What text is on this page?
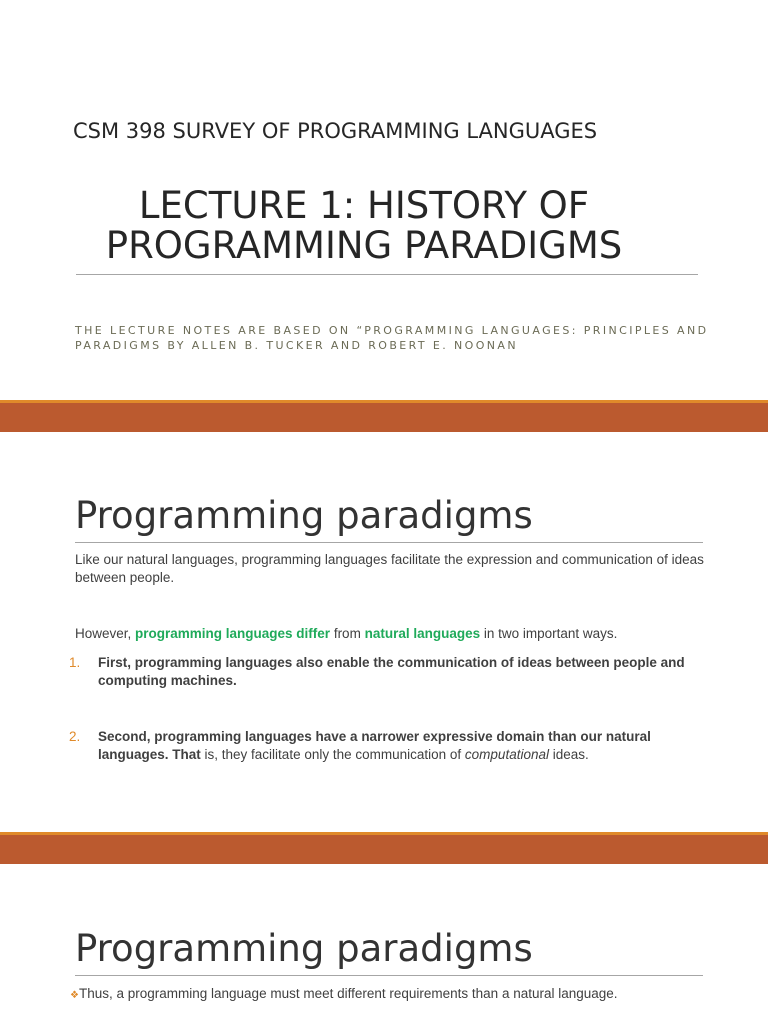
CSM 398 SURVEY OF PROGRAMMING LANGUAGES
LECTURE 1: HISTORY OF
PROGRAMMING PARADIGMS
THE LECTURE NOTES ARE BASED ON “PROGRAMMING LANGUAGES: PRINCIPLES AND PARADIGMS BY ALLEN B. TUCKER AND ROBERT E. NOONAN
Programming paradigms
Like our natural languages, programming languages facilitate the expression and communication of ideas between people.
However, programming languages differ from natural languages in two important ways.
1. First, programming languages also enable the communication of ideas between people and computing machines.
2. Second, programming languages have a narrower expressive domain than our natural languages. That is, they facilitate only the communication of computational ideas.
Programming paradigms
❖Thus, a programming language must meet different requirements than a natural language.
